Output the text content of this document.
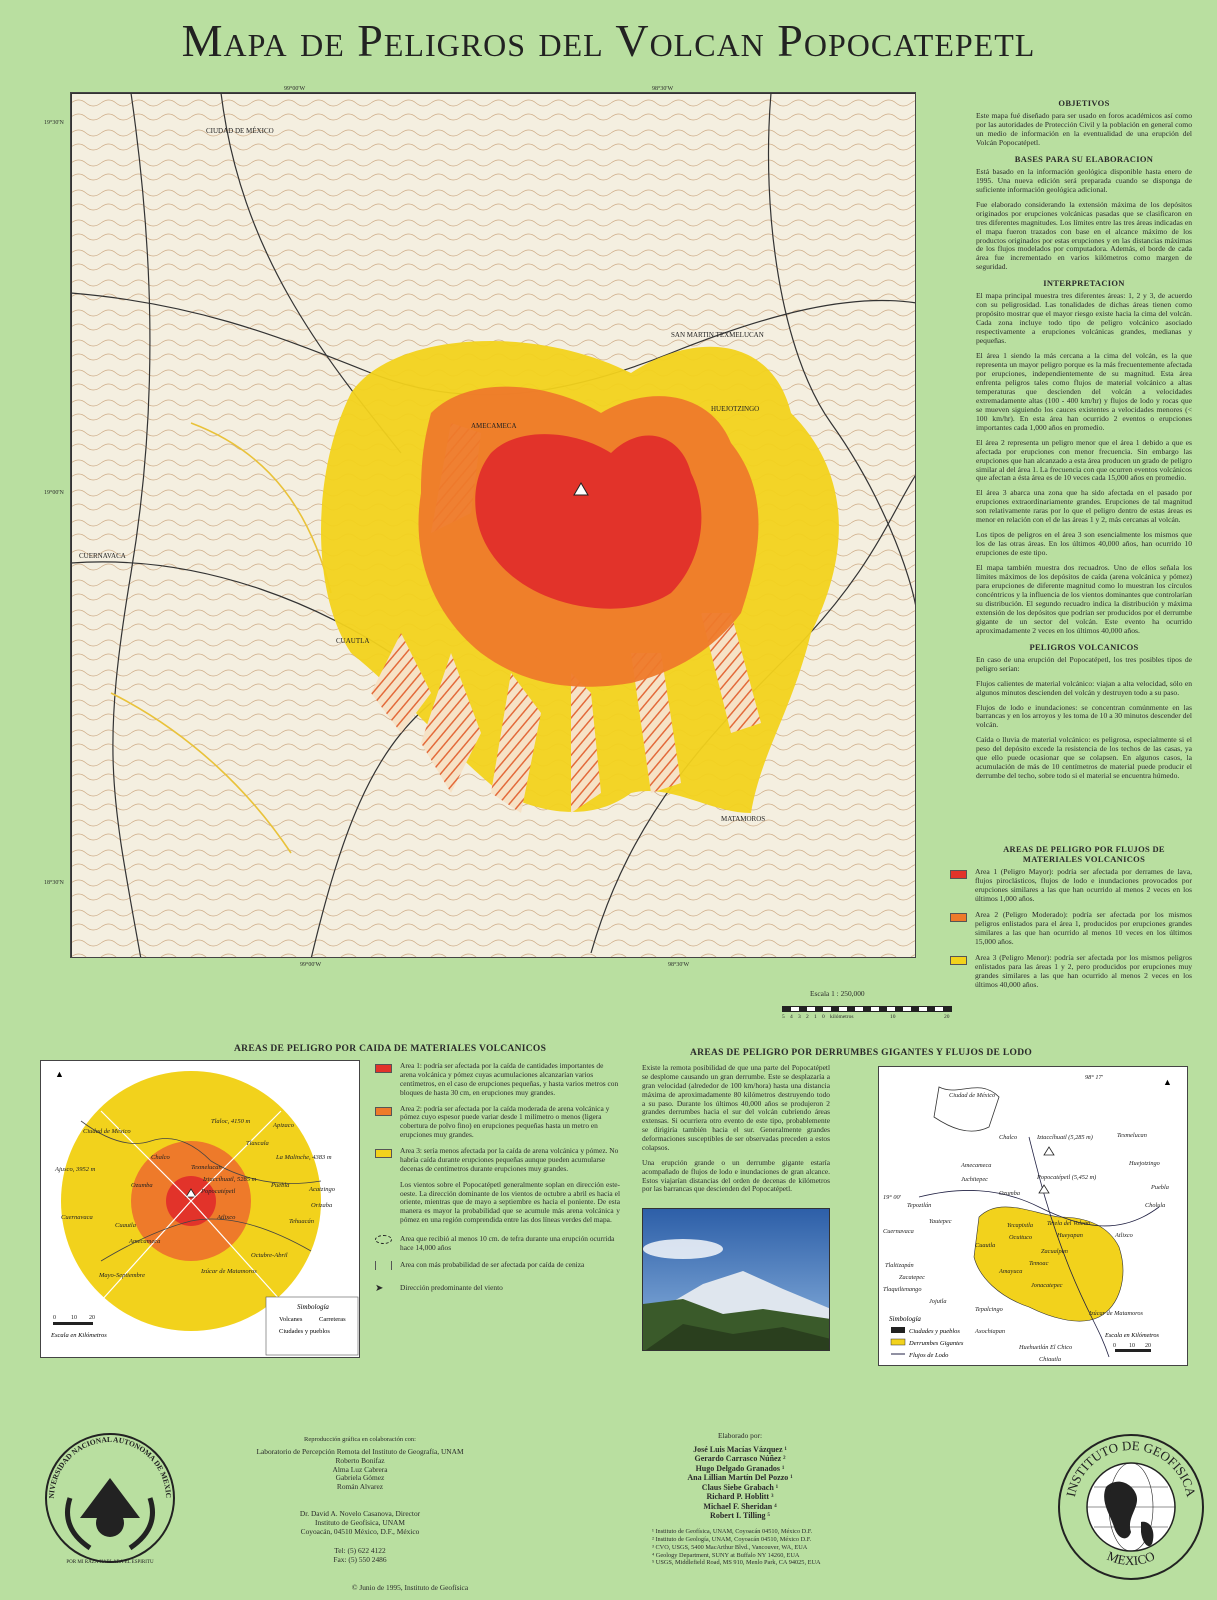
Mapa de Peligros del Volcan Popocatepetl
CIUDAD DE MÉXICO
CUERNAVACA
CUAUTLA
HUEJOTZINGO
AMECAMECA
MATAMOROS
SAN MARTIN TEXMELUCAN
99°00'W	98°30'W
19°30'N
19°00'N
18°30'N
99°00'W	98°30'W
Escala 1 : 250,000
5 4 3 2 1 0 kilómetros	10	20
OBJETIVOS

Este mapa fué diseñado para ser usado en foros académicos así como por las autoridades de Protección Civil y la población en general como un medio de información en la eventualidad de una erupción del Volcán Popocatépetl.

BASES PARA SU ELABORACION

Está basado en la información geológica disponible hasta enero de 1995. Una nueva edición será preparada cuando se disponga de suficiente información geológica adicional.

Fue elaborado considerando la extensión máxima de los depósitos originados por erupciones volcánicas pasadas que se clasificaron en tres diferentes magnitudes. Los límites entre las tres áreas indicadas en el mapa fueron trazados con base en el alcance máximo de los productos originados por estas erupciones y en las distancias máximas de los flujos modelados por computadora. Además, el borde de cada área fue incrementado en varios kilómetros como margen de seguridad.

INTERPRETACION

El mapa principal muestra tres diferentes áreas: 1, 2 y 3, de acuerdo con su peligrosidad. Las tonalidades de dichas áreas tienen como propósito mostrar que el mayor riesgo existe hacia la cima del volcán. Cada zona incluye todo tipo de peligro volcánico asociado respectivamente a erupciones volcánicas grandes, medianas y pequeñas.

El área 1 siendo la más cercana a la cima del volcán, es la que representa un mayor peligro porque es la más frecuentemente afectada por erupciones, independientemente de su magnitud. Esta área enfrenta peligros tales como flujos de material volcánico a altas temperaturas que descienden del volcán a velocidades extremadamente altas (100 - 400 km/hr) y flujos de lodo y rocas que se mueven siguiendo los cauces existentes a velocidades menores (< 100 km/hr). En esta área han ocurrido 2 eventos o erupciones importantes cada 1,000 años en promedio.

El área 2 representa un peligro menor que el área 1 debido a que es afectada por erupciones con menor frecuencia. Sin embargo las erupciones que han alcanzado a esta área producen un grado de peligro similar al del área 1. La frecuencia con que ocurren eventos volcánicos que afectan a ésta área es de 10 veces cada 15,000 años en promedio.

El área 3 abarca una zona que ha sido afectada en el pasado por erupciones extraordinariamente grandes. Erupciones de tal magnitud son relativamente raras por lo que el peligro dentro de estas áreas es menor en relación con el de las áreas 1 y 2, más cercanas al volcán.

Los tipos de peligros en el área 3 son esencialmente los mismos que los de las otras áreas. En los últimos 40,000 años, han ocurrido 10 erupciones de este tipo.

El mapa también muestra dos recuadros. Uno de ellos señala los límites máximos de los depósitos de caída (arena volcánica y pómez) para erupciones de diferente magnitud como lo muestran los círculos concéntricos y la influencia de los vientos dominantes que controlarían su distribución. El segundo recuadro indica la distribución y máxima extensión de los depósitos que podrían ser producidos por el derrumbe gigante de un sector del volcán. Este evento ha ocurrido aproximadamente 2 veces en los últimos 40,000 años.

PELIGROS VOLCANICOS

En caso de una erupción del Popocatépetl, los tres posibles tipos de peligro serían:

Flujos calientes de material volcánico: viajan a alta velocidad, sólo en algunos minutos descienden del volcán y destruyen todo a su paso.

Flujos de lodo e inundaciones: se concentran comúnmente en las barrancas y en los arroyos y les toma de 10 a 30 minutos descender del volcán.

Caída o lluvia de material volcánico: es peligrosa, especialmente si el peso del depósito excede la resistencia de los techos de las casas, ya que ello puede ocasionar que se colapsen. En algunos casos, la acumulación de más de 10 centímetros de material puede producir el derrumbe del techo, sobre todo si el material se encuentra húmedo.

AREAS DE PELIGRO POR FLUJOS DE MATERIALES VOLCANICOS
Area 1 (Peligro Mayor): podría ser afectada por derrames de lava, flujos piroclásticos, flujos de lodo e inundaciones provocados por erupciones similares a las que han ocurrido al menos 2 veces en los últimos 1,000 años.
Area 2 (Peligro Moderado): podría ser afectada por los mismos peligros enlistados para el área 1, producidos por erupciones grandes similares a las que han ocurrido al menos 10 veces en los últimos 15,000 años.
Area 3 (Peligro Menor): podría ser afectada por los mismos peligros enlistados para las áreas 1 y 2, pero producidos por erupciones muy grandes similares a las que han ocurrido al menos 2 veces en los últimos 40,000 años.
AREAS DE PELIGRO POR CAIDA DE MATERIALES VOLCANICOS
▲
Ciudad de México
Tlaloc, 4150 m
Apizaco
Tlaxcala
La Malinche, 4383 m
Ajusco, 3952 m
Chalco
Texmelucan
Iztaccíhuatl, 5285 m
Popocatépetl
Puebla
Acatzingo
Orizaba
Cuernavaca
Cuautla
Atlixco
Tehuacán
Izúcar de Matamoros
Mayo-Septiembre
Octubre-Abril
Amecameca
Ozumba
0	10 20
Escala en Kilómetros
Simbología
Volcanes	Carreteras
Ciudades y pueblos
Area 1: podría ser afectada por la caída de cantidades importantes de arena volcánica y pómez cuyas acumulaciones alcanzarían varios centímetros, en el caso de erupciones pequeñas, y hasta varios metros con bloques de hasta 30 cm, en erupciones muy grandes.
Area 2: podría ser afectada por la caída moderada de arena volcánica y pómez cuyo espesor puede variar desde 1 milímetro o menos (ligera cobertura de polvo fino) en erupciones pequeñas hasta un metro en erupciones muy grandes.
Area 3: sería menos afectada por la caída de arena volcánica y pómez. No habría caída durante erupciones pequeñas aunque pueden acumularse decenas de centímetros durante erupciones muy grandes.

Los vientos sobre el Popocatépetl generalmente soplan en dirección este-oeste. La dirección dominante de los vientos de octubre a abril es hacia el oriente, mientras que de mayo a septiembre es hacia el poniente. De esta manera es mayor la probabilidad que se acumule más arena volcánica y pómez en una región comprendida entre las dos líneas verdes del mapa.

Area que recibió al menos 10 cm. de tefra durante una erupción ocurrida hace 14,000 años
Area con más probabilidad de ser afectada por caída de ceniza
➤	Dirección predominante del viento
AREAS DE PELIGRO POR DERRUMBES GIGANTES Y FLUJOS DE LODO

Existe la remota posibilidad de que una parte del Popocatépetl se desplome causando un gran derrumbe. Este se desplazaría a gran velocidad (alrededor de 100 km/hora) hasta una distancia máxima de aproximadamente 80 kilómetros destruyendo todo a su paso. Durante los últimos 40,000 años se produjeron 2 grandes derrumbes hacia el sur del volcán cubriendo áreas extensas. Si ocurriera otro evento de este tipo, probablemente se dirigiría también hacia el sur. Generalmente grandes deformaciones susceptibles de ser observadas preceden a estos colapsos.

Una erupción grande o un derrumbe gigante estaría acompañado de flujos de lodo e inundaciones de gran alcance. Estos viajarían distancias del orden de decenas de kilómetros por las barrancas que descienden del Popocatépetl.

▲
Ciudad de México
Chalco	Iztaccíhuatl (5,285 m)	Texmelucan
Amecameca	Huejotzingo
Juchitepec
Ozumba
Popocatépetl (5,452 m)
Puebla
Cholula
Tepoztlán
Yautepec
Cuernavaca
Yecapixtla Tetela del Volcán
Hueyapan	Atlixco
Cuautla
Ocuituco
Zacualpan
Temoac
Tlaltizapán
Zacatepec
Tlaquiltenango
Jojutla
Amayuca
Jonacatepec
Tepalcingo
Izúcar de Matamoros
Axochiapan
Huehuetlán El Chico
Chiautla
98° 17'
19° 00'
Simbología
Ciudades y pueblos
Derrumbes Gigantes
Flujos de Lodo
Escala en Kilómetros
0 10 20
NIVERSIDAD NACIONAL AUTONOMA DE MEXIC
POR MI RAZA HABLARA EL ESPIRITU
Reproducción gráfica en colaboración con:
Laboratorio de Percepción Remota del Instituto de Geografía, UNAM
Roberto Bonifaz
Alma Luz Cabrera
Gabriela Gómez
Román Alvarez
Dr. David A. Novelo Casanova, Director
Instituto de Geofísica, UNAM
Coyoacán, 04510 México, D.F., México
Tel: (5) 622 4122
Fax: (5) 550 2486
© Junio de 1995, Instituto de Geofísica
Elaborado por:
José Luis Macías Vázquez ¹
Gerardo Carrasco Núñez ²
Hugo Delgado Granados ¹
Ana Lillian Martín Del Pozzo ¹
Claus Siebe Grabach ¹
Richard P. Hoblitt ³
Michael F. Sheridan ⁴
Robert I. Tilling ⁵
¹ Instituto de Geofísica, UNAM, Coyoacán 04510, México D.F.
² Instituto de Geología, UNAM, Coyoacán 04510, México D.F.
³ CVO, USGS, 5400 MacArthur Blvd., Vancouver, WA, EUA
⁴ Geology Department, SUNY at Buffalo NY 14260, EUA
⁵ USGS, Middlefield Road, MS 910, Menlo Park, CA 94025, EUA
INSTITUTO DE GEOFISICA
MEXICO
